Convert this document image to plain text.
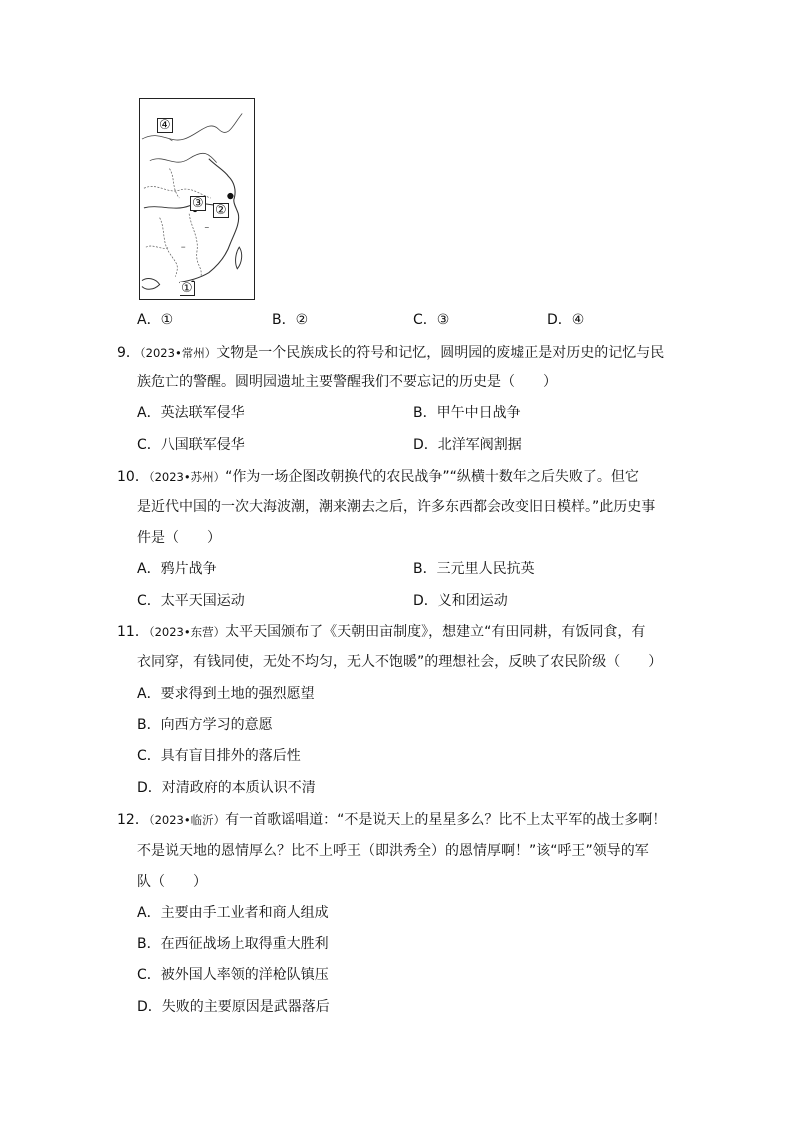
④
③ ②
①
A．①	B．②	C．③	D．④
9．（2023•常州）文物是一个民族成长的符号和记忆，圆明园的废墟正是对历史的记忆与民
族危亡的警醒。圆明园遗址主要警醒我们不要忘记的历史是（　　）
A．英法联军侵华	B．甲午中日战争
C．八国联军侵华	D．北洋军阀割据
10．（2023•苏州）“作为一场企图改朝换代的农民战争”“纵横十数年之后失败了。但它
是近代中国的一次大海波潮，潮来潮去之后，许多东西都会改变旧日模样。”此历史事
件是（　　）
A．鸦片战争	B．三元里人民抗英
C．太平天国运动	D．义和团运动
11．（2023•东营）太平天国颁布了《天朝田亩制度》，想建立“有田同耕，有饭同食，有
衣同穿，有钱同使，无处不均匀，无人不饱暖”的理想社会，反映了农民阶级（　　）
A．要求得到土地的强烈愿望
B．向西方学习的意愿
C．具有盲目排外的落后性
D．对清政府的本质认识不清
12．（2023•临沂）有一首歌谣唱道：“不是说天上的星星多么？比不上太平军的战士多啊！
不是说天地的恩情厚么？比不上呼王（即洪秀全）的恩情厚啊！”该“呼王”领导的军
队（　　）
A．主要由手工业者和商人组成
B．在西征战场上取得重大胜利
C．被外国人率领的洋枪队镇压
D．失败的主要原因是武器落后
